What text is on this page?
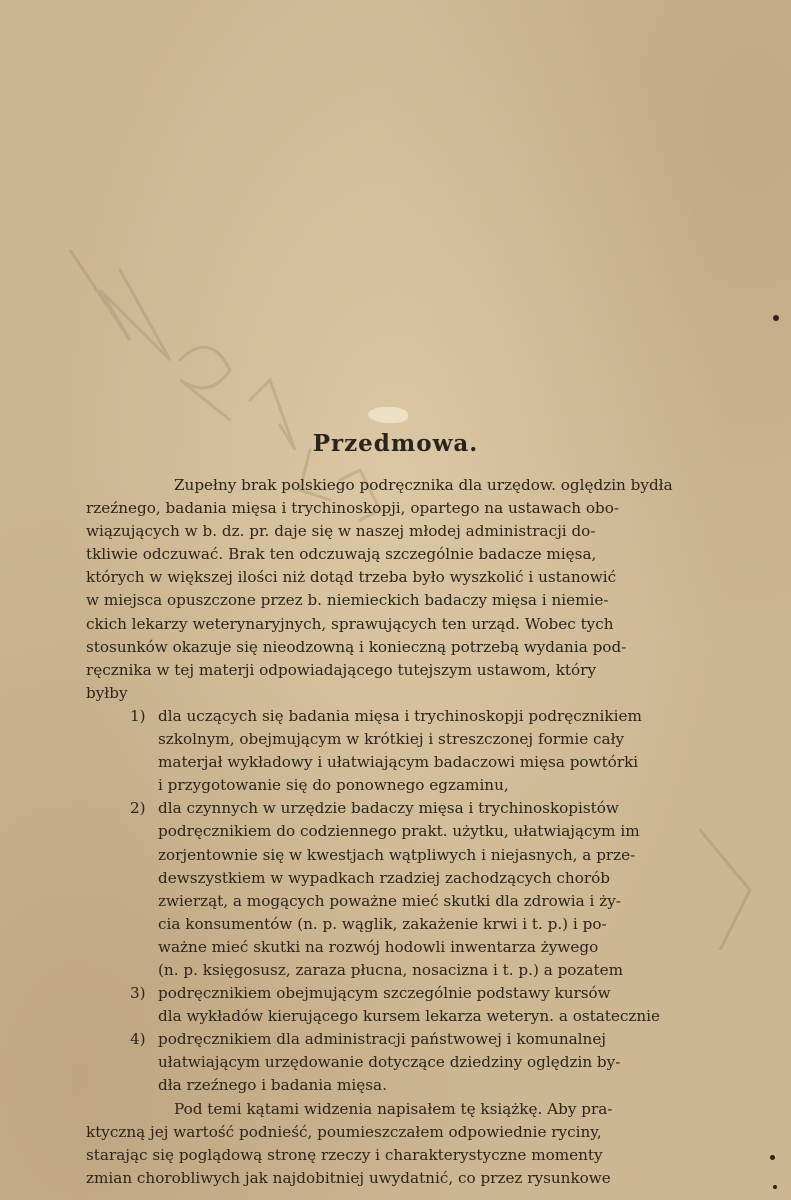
Przedmowa.
Zupełny brak polskiego podręcznika dla urzędow. oględzin bydła
rzeźnego, badania mięsa i trychinoskopji, opartego na ustawach obo-
wiązujących w b. dz. pr. daje się w naszej młodej administracji do-
tkliwie odczuwać. Brak ten odczuwają szczególnie badacze mięsa,
których w większej ilości niż dotąd trzeba było wyszkolić i ustanowić
w miejsca opuszczone przez b. niemieckich badaczy mięsa i niemie-
ckich lekarzy weterynaryjnych, sprawujących ten urząd. Wobec tych
stosunków okazuje się nieodzowną i konieczną potrzebą wydania pod-
ręcznika w tej materji odpowiadającego tutejszym ustawom, który
byłby
1) dla uczących się badania mięsa i trychinoskopji podręcznikiem
szkolnym, obejmującym w krótkiej i streszczonej formie cały
materjał wykładowy i ułatwiającym badaczowi mięsa powtórki
i przygotowanie się do ponownego egzaminu,
2) dla czynnych w urzędzie badaczy mięsa i trychinoskopistów
podręcznikiem do codziennego prakt. użytku, ułatwiającym im
zorjentownie się w kwestjach wątpliwych i niejasnych, a prze-
dewszystkiem w wypadkach rzadziej zachodzących chorób
zwierząt, a mogących poważne mieć skutki dla zdrowia i ży-
cia konsumentów (n. p. wąglik, zakażenie krwi i t. p.) i po-
ważne mieć skutki na rozwój hodowli inwentarza żywego
(n. p. księgosusz, zaraza płucna, nosacizna i t. p.) a pozatem
3) podręcznikiem obejmującym szczególnie podstawy kursów
dla wykładów kierującego kursem lekarza weteryn. a ostatecznie
4) podręcznikiem dla administracji państwowej i komunalnej
ułatwiającym urzędowanie dotyczące dziedziny oględzin by-
dła rzeźnego i badania mięsa.
Pod temi kątami widzenia napisałem tę książkę. Aby pra-
ktyczną jej wartość podnieść, poumieszczałem odpowiednie ryciny,
starając się poglądową stronę rzeczy i charakterystyczne momenty
zmian chorobliwych jak najdobitniej uwydatnić, co przez rysunkowe
